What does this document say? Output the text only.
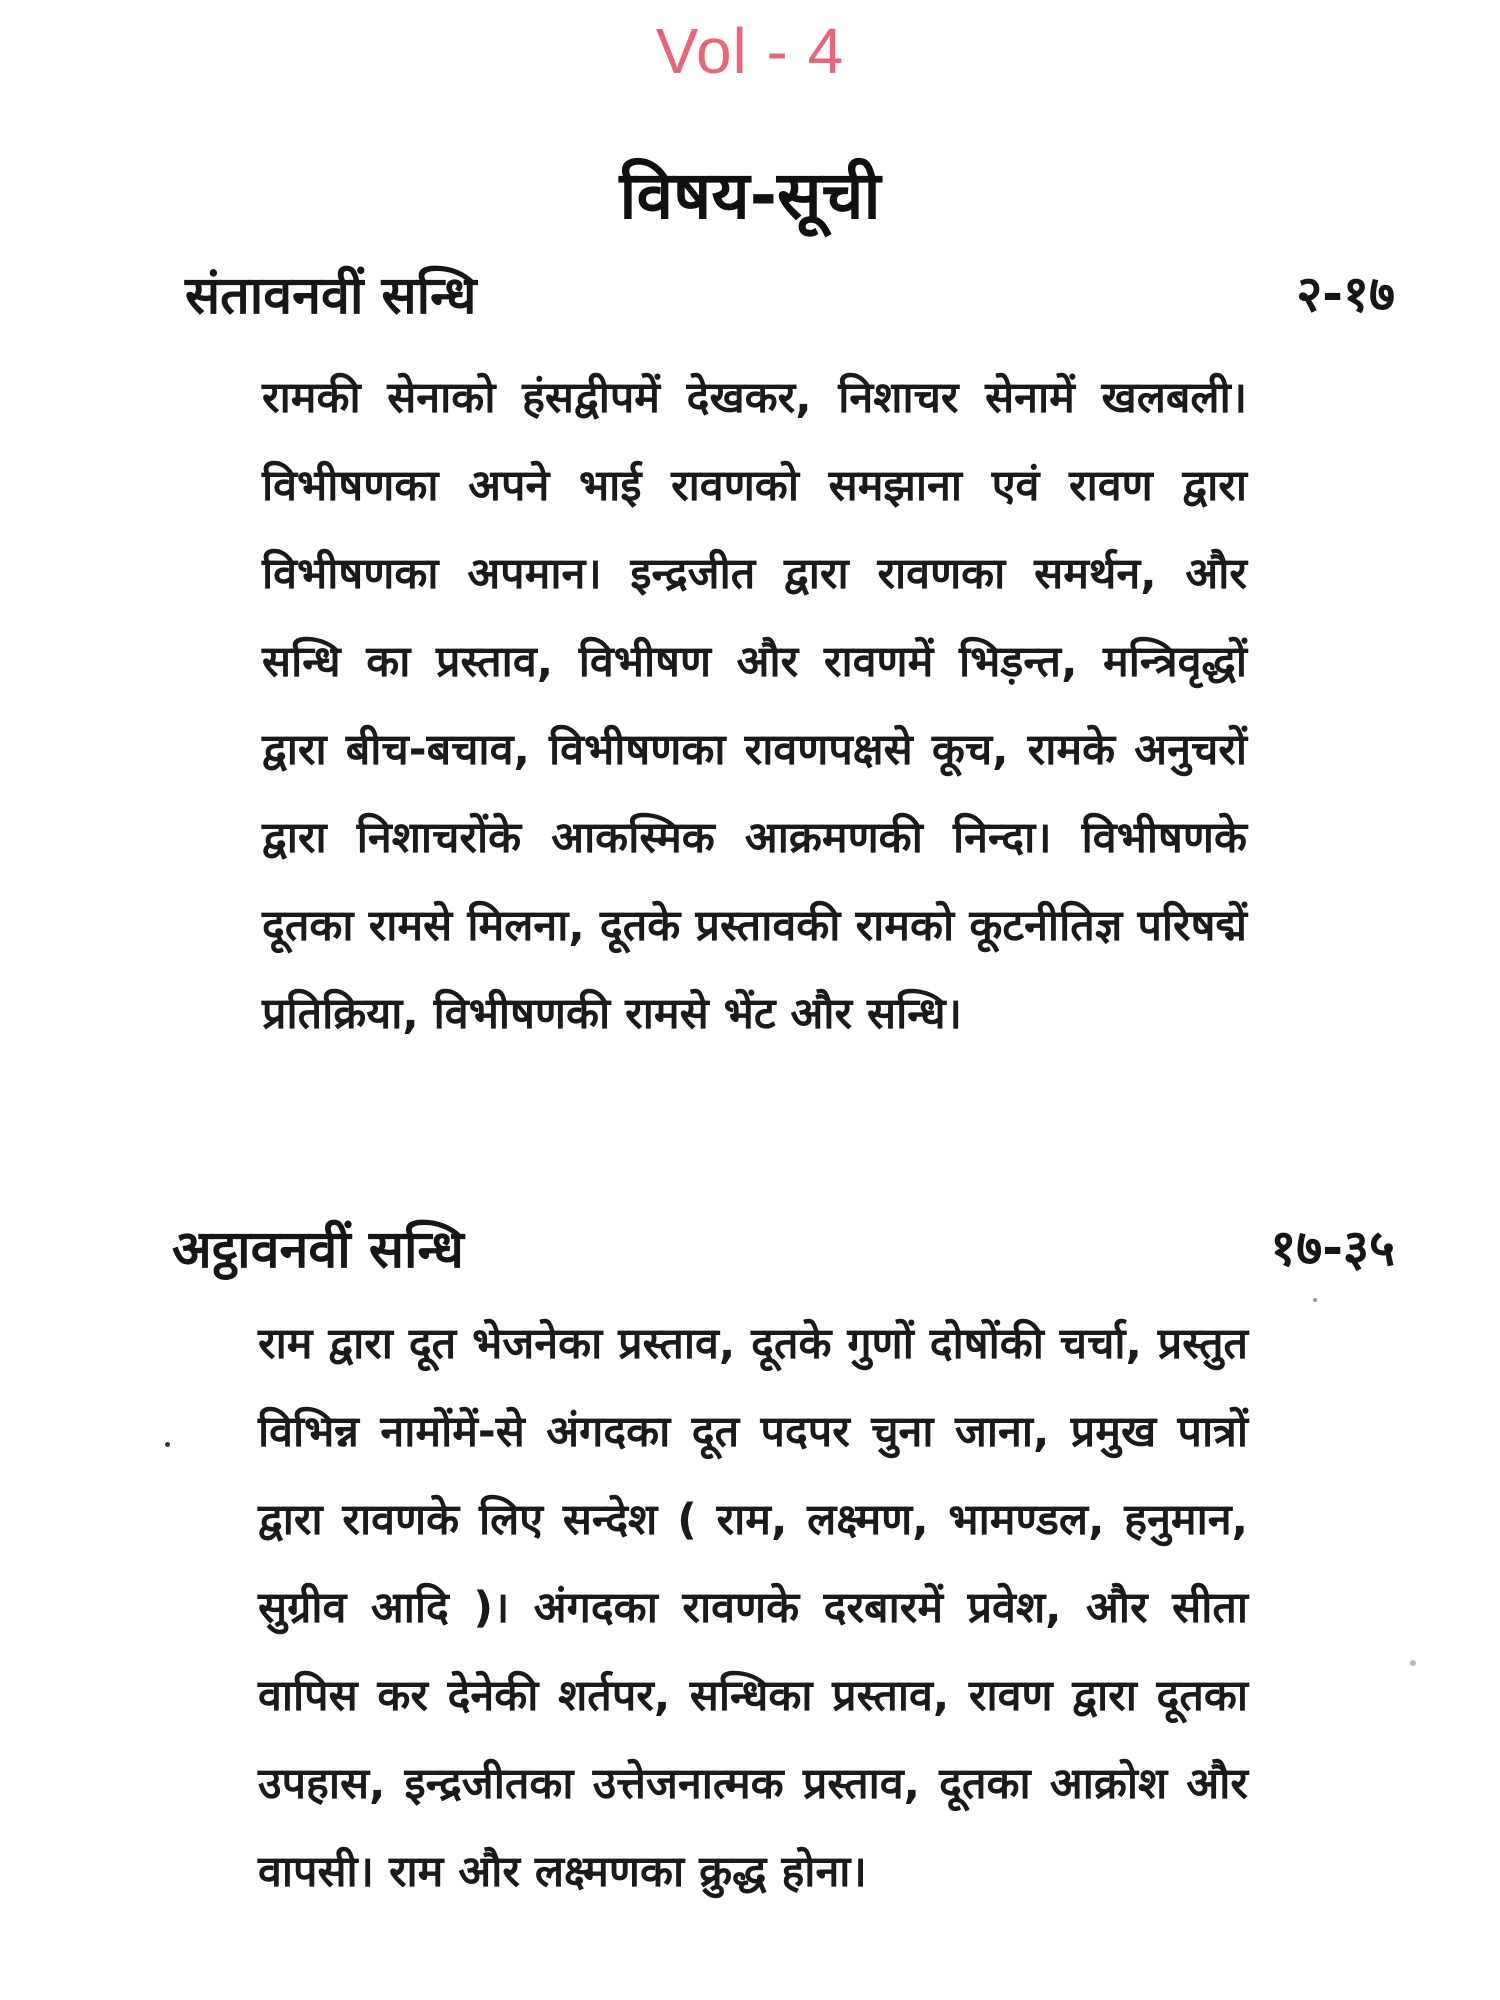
Vol - 4
विषय-सूची
संतावनवीं सन्धि	२-१७
रामकी सेनाको हंसद्वीपमें देखकर, निशाचर सेनामें खलबली। विभीषणका अपने भाई रावणको समझाना एवं रावण द्वारा विभीषणका अपमान। इन्द्रजीत द्वारा रावणका समर्थन, और सन्धि का प्रस्ताव, विभीषण और रावणमें भिड़न्त, मन्त्रिवृद्धों द्वारा बीच-बचाव, विभीषणका रावणपक्षसे कूच, रामके अनुचरों द्वारा निशाचरोंके आकस्मिक आक्रमणकी निन्दा। विभीषणके दूतका रामसे मिलना, दूतके प्रस्तावकी रामको कूटनीतिज्ञ परिषद्में प्रतिक्रिया, विभीषणकी रामसे भेंट और सन्धि।
अट्ठावनवीं सन्धि	१७-३५
राम द्वारा दूत भेजनेका प्रस्ताव, दूतके गुणों दोषोंकी चर्चा, प्रस्तुत विभिन्न नामोंमें-से अंगदका दूत पदपर चुना जाना, प्रमुख पात्रों द्वारा रावणके लिए सन्देश ( राम, लक्ष्मण, भामण्डल, हनुमान, सुग्रीव आदि )। अंगदका रावणके दरबारमें प्रवेश, और सीता वापिस कर देनेकी शर्तपर, सन्धिका प्रस्ताव, रावण द्वारा दूतका उपहास, इन्द्रजीतका उत्तेजनात्मक प्रस्ताव, दूतका आक्रोश और वापसी। राम और लक्ष्मणका क्रुद्ध होना।
